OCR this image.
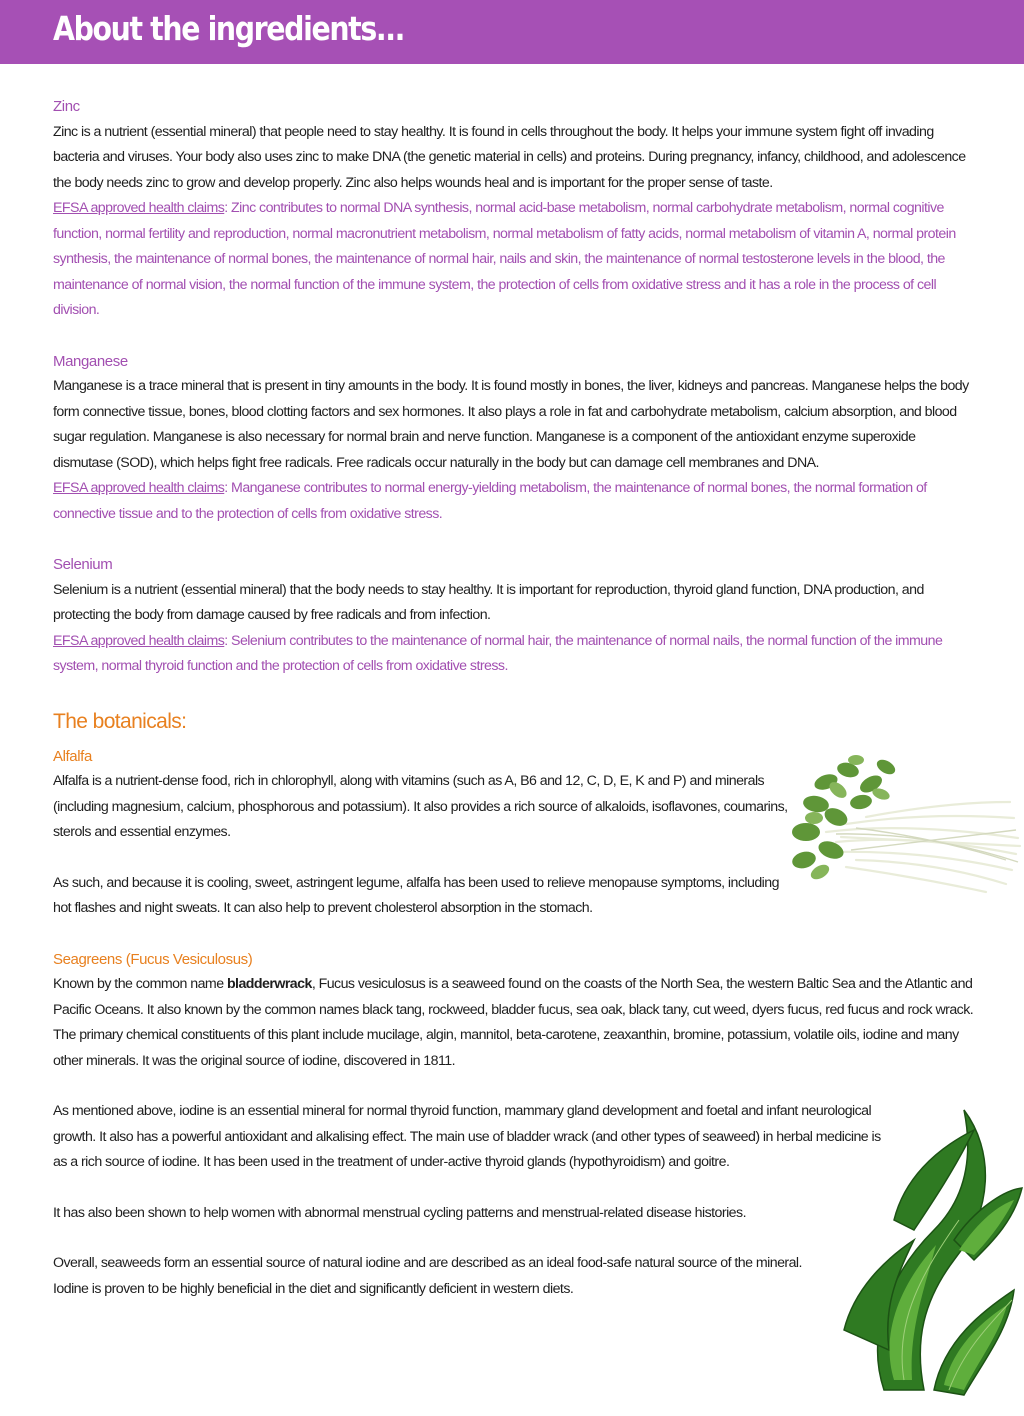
About the ingredients...
Zinc

Zinc is a nutrient (essential mineral) that people need to stay healthy. It is found in cells throughout the body. It helps your immune system fight off invading bacteria and viruses. Your body also uses zinc to make DNA (the genetic material in cells) and proteins. During pregnancy, infancy, childhood, and adolescence the body needs zinc to grow and develop properly. Zinc also helps wounds heal and is important for the proper sense of taste.

EFSA approved health claims: Zinc contributes to normal DNA synthesis, normal acid-base metabolism, normal carbohydrate metabolism, normal cognitive function, normal fertility and reproduction, normal macronutrient metabolism, normal metabolism of fatty acids, normal metabolism of vitamin A, normal protein synthesis, the maintenance of normal bones, the maintenance of normal hair, nails and skin, the maintenance of normal testosterone levels in the blood, the maintenance of normal vision, the normal function of the immune system, the protection of cells from oxidative stress and it has a role in the process of cell division.

Manganese

Manganese is a trace mineral that is present in tiny amounts in the body. It is found mostly in bones, the liver, kidneys and pancreas. Manganese helps the body form connective tissue, bones, blood clotting factors and sex hormones. It also plays a role in fat and carbohydrate metabolism, calcium absorption, and blood sugar regulation. Manganese is also necessary for normal brain and nerve function. Manganese is a component of the antioxidant enzyme superoxide dismutase (SOD), which helps fight free radicals. Free radicals occur naturally in the body but can damage cell membranes and DNA.

EFSA approved health claims: Manganese contributes to normal energy-yielding metabolism, the maintenance of normal bones, the normal formation of connective tissue and to the protection of cells from oxidative stress.

Selenium

Selenium is a nutrient (essential mineral) that the body needs to stay healthy. It is important for reproduction, thyroid gland function, DNA production, and protecting the body from damage caused by free radicals and from infection.

EFSA approved health claims: Selenium contributes to the maintenance of normal hair, the maintenance of normal nails, the normal function of the immune system, normal thyroid function and the protection of cells from oxidative stress.

The botanicals:
Alfalfa

Alfalfa is a nutrient-dense food, rich in chlorophyll, along with vitamins (such as A, B6 and 12, C, D, E, K and P) and minerals (including magnesium, calcium, phosphorous and potassium). It also provides a rich source of alkaloids, isoflavones, coumarins, sterols and essential enzymes.

As such, and because it is cooling, sweet, astringent legume, alfalfa has been used to relieve menopause symptoms, including hot flashes and night sweats. It can also help to prevent cholesterol absorption in the stomach.

Seagreens (Fucus Vesiculosus)

Known by the common name bladderwrack, Fucus vesiculosus is a seaweed found on the coasts of the North Sea, the western Baltic Sea and the Atlantic and Pacific Oceans. It also known by the common names black tang, rockweed, bladder fucus, sea oak, black tany, cut weed, dyers fucus, red fucus and rock wrack. The primary chemical constituents of this plant include mucilage, algin, mannitol, beta-carotene, zeaxanthin, bromine, potassium, volatile oils, iodine and many other minerals. It was the original source of iodine, discovered in 1811.

As mentioned above, iodine is an essential mineral for normal thyroid function, mammary gland development and foetal and infant neurological growth. It also has a powerful antioxidant and alkalising effect. The main use of bladder wrack (and other types of seaweed) in herbal medicine is as a rich source of iodine. It has been used in the treatment of under-active thyroid glands (hypothyroidism) and goitre.

It has also been shown to help women with abnormal menstrual cycling patterns and menstrual-related disease histories.

Overall, seaweeds form an essential source of natural iodine and are described as an ideal food-safe natural source of the mineral. Iodine is proven to be highly beneficial in the diet and significantly deficient in western diets.
